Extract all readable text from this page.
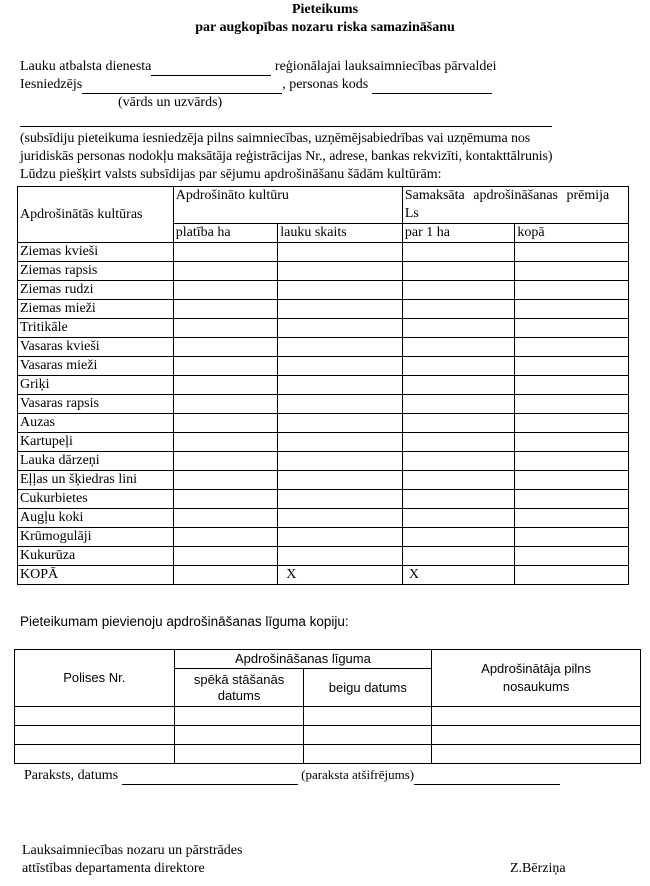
Pieteikums
par augkopības nozaru riska samazināšanu
Lauku atbalsta dienesta	reģionālajai lauksaimniecības pārvaldei
Iesniedzējs	, personas kods
(vārds un uzvārds)
(subsīdiju pieteikuma iesniedzēja pilns saimniecības, uzņēmējsabiedrības vai uzņēmuma nos
juridiskās personas nodokļu maksātāja reģistrācijas Nr., adrese, bankas rekvizīti, kontakttālrunis)
Lūdzu piešķirt valsts subsīdijas par sējumu apdrošināšanu šādām kultūrām:
Apdrošinātās kultūras	Apdrošināto kultūru		Samaksāta apdrošināšanas prēmija Ls	
	platība ha	lauku skaits	par 1 ha	kopā
Ziemas kvieši				
Ziemas rapsis				
Ziemas rudzi				
Ziemas mieži				
Tritikāle				
Vasaras kvieši				
Vasaras mieži				
Griķi				
Vasaras rapsis				
Auzas				
Kartupeļi				
Lauka dārzeņi				
Eļļas un šķiedras lini				
Cukurbietes				
Augļu koki				
Krūmogulāji				
Kukurūza				
KOPĀ		X	X	
Pieteikumam pievienoju apdrošināšanas līguma kopiju:
Polises Nr.	Apdrošināšanas līguma		Apdrošinātāja pilns nosaukums
	spēkā stāšanās datums	beigu datums	

Paraksts, datums	(paraksta atšifrējums)
Lauksaimniecības nozaru un pārstrādes
attīstības departamenta direktore	Z.Bērziņa
